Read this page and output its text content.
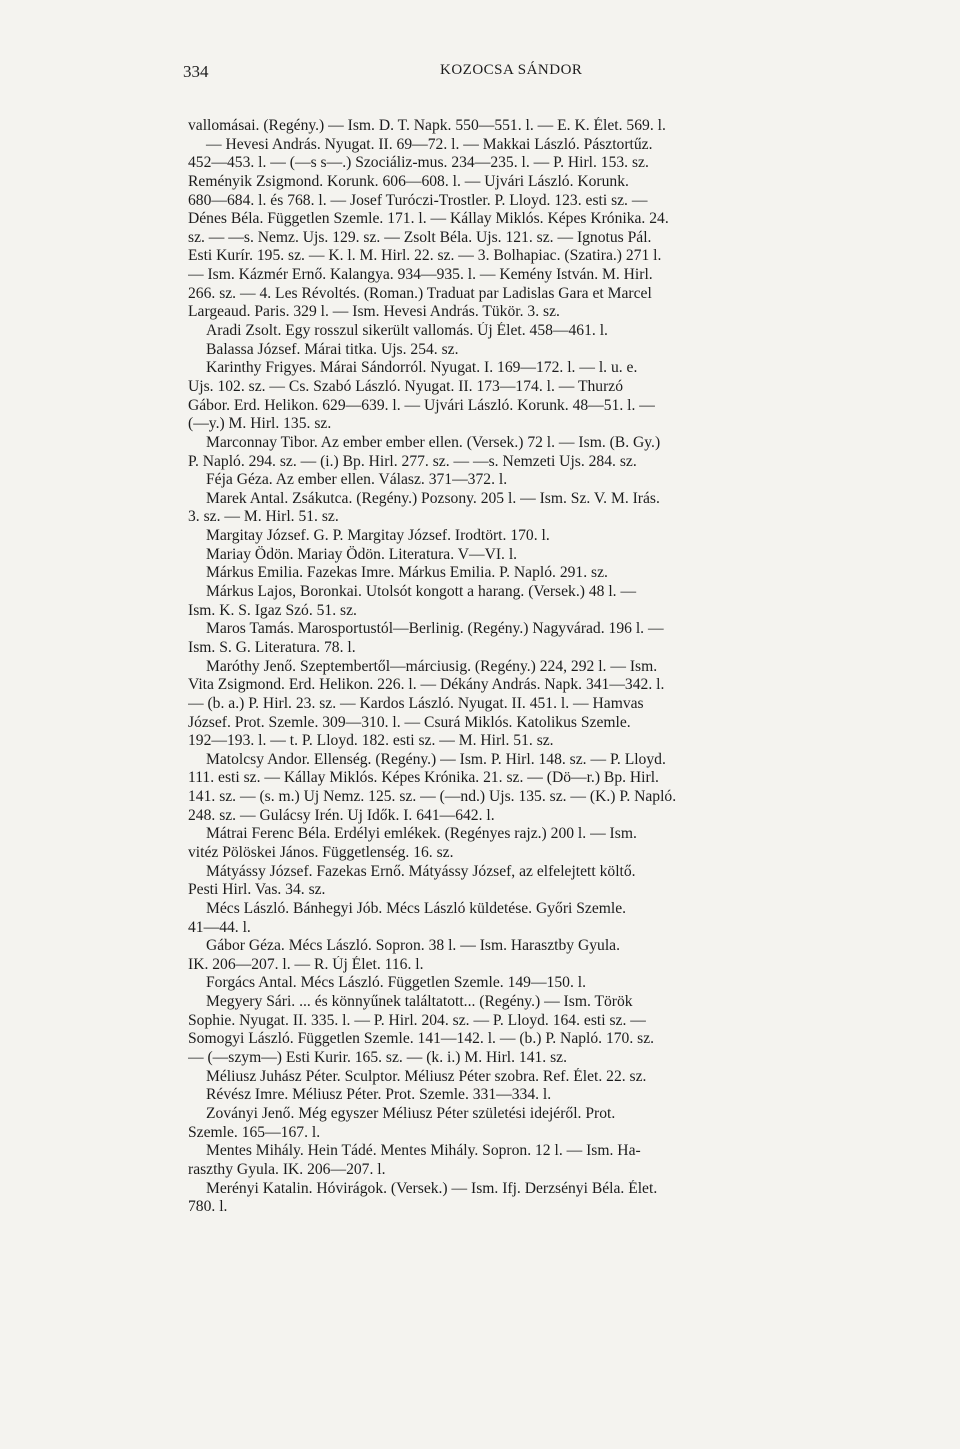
334	KOZOCSA SÁNDOR
vallomásai. (Regény.) — Ism. D. T. Napk. 550—551. l. — E. K. Élet. 569. l.
— Hevesi András. Nyugat. II. 69—72. l. — Makkai László. Pásztortűz.
452—453. l. — (—s s—.) Szociáliz-mus. 234—235. l. — P. Hirl. 153. sz.
Reményik Zsigmond. Korunk. 606—608. l. — Ujvári László. Korunk.
680—684. l. és 768. l. — Josef Turóczi-Trostler. P. Lloyd. 123. esti sz. —
Dénes Béla. Független Szemle. 171. l. — Kállay Miklós. Képes Krónika. 24.
sz. — —s. Nemz. Ujs. 129. sz. — Zsolt Béla. Ujs. 121. sz. — Ignotus Pál.
Esti Kurír. 195. sz. — K. l. M. Hirl. 22. sz. — 3. Bolhapiac. (Szatira.) 271 l.
— Ism. Kázmér Ernő. Kalangya. 934—935. l. — Kemény István. M. Hirl.
266. sz. — 4. Les Révoltés. (Roman.) Traduat par Ladislas Gara et Marcel
Largeaud. Paris. 329 l. — Ism. Hevesi András. Tükör. 3. sz.
Aradi Zsolt. Egy rosszul sikerült vallomás. Új Élet. 458—461. l.
Balassa József. Márai titka. Ujs. 254. sz.
Karinthy Frigyes. Márai Sándorról. Nyugat. I. 169—172. l. — l. u. e.
Ujs. 102. sz. — Cs. Szabó László. Nyugat. II. 173—174. l. — Thurzó
Gábor. Erd. Helikon. 629—639. l. — Ujvári László. Korunk. 48—51. l. —
(—y.) M. Hirl. 135. sz.
Marconnay Tibor. Az ember ember ellen. (Versek.) 72 l. — Ism. (B. Gy.)
P. Napló. 294. sz. — (i.) Bp. Hirl. 277. sz. — —s. Nemzeti Ujs. 284. sz.
Féja Géza. Az ember ellen. Válasz. 371—372. l.
Marek Antal. Zsákutca. (Regény.) Pozsony. 205 l. — Ism. Sz. V. M. Irás.
3. sz. — M. Hirl. 51. sz.
Margitay József. G. P. Margitay József. Irodtört. 170. l.
Mariay Ödön. Mariay Ödön. Literatura. V—VI. l.
Márkus Emilia. Fazekas Imre. Márkus Emilia. P. Napló. 291. sz.
Márkus Lajos, Boronkai. Utolsót kongott a harang. (Versek.) 48 l. —
Ism. K. S. Igaz Szó. 51. sz.
Maros Tamás. Marosportustól—Berlinig. (Regény.) Nagyvárad. 196 l. —
Ism. S. G. Literatura. 78. l.
Maróthy Jenő. Szeptembertől—márciusig. (Regény.) 224, 292 l. — Ism.
Vita Zsigmond. Erd. Helikon. 226. l. — Dékány András. Napk. 341—342. l.
— (b. a.) P. Hirl. 23. sz. — Kardos László. Nyugat. II. 451. l. — Hamvas
József. Prot. Szemle. 309—310. l. — Csurá Miklós. Katolikus Szemle.
192—193. l. — t. P. Lloyd. 182. esti sz. — M. Hirl. 51. sz.
Matolcsy Andor. Ellenség. (Regény.) — Ism. P. Hirl. 148. sz. — P. Lloyd.
111. esti sz. — Kállay Miklós. Képes Krónika. 21. sz. — (Dö—r.) Bp. Hirl.
141. sz. — (s. m.) Uj Nemz. 125. sz. — (—nd.) Ujs. 135. sz. — (K.) P. Napló.
248. sz. — Gulácsy Irén. Uj Idők. I. 641—642. l.
Mátrai Ferenc Béla. Erdélyi emlékek. (Regényes rajz.) 200 l. — Ism.
vitéz Pölöskei János. Függetlenség. 16. sz.
Mátyássy József. Fazekas Ernő. Mátyássy József, az elfelejtett költő.
Pesti Hirl. Vas. 34. sz.
Mécs László. Bánhegyi Jób. Mécs László küldetése. Győri Szemle.
41—44. l.
Gábor Géza. Mécs László. Sopron. 38 l. — Ism. Harasztby Gyula.
IK. 206—207. l. — R. Új Élet. 116. l.
Forgács Antal. Mécs László. Független Szemle. 149—150. l.
Megyery Sári. ... és könnyűnek találtatott... (Regény.) — Ism. Török
Sophie. Nyugat. II. 335. l. — P. Hirl. 204. sz. — P. Lloyd. 164. esti sz. —
Somogyi László. Független Szemle. 141—142. l. — (b.) P. Napló. 170. sz.
— (—szym—) Esti Kurir. 165. sz. — (k. i.) M. Hirl. 141. sz.
Méliusz Juhász Péter. Sculptor. Méliusz Péter szobra. Ref. Élet. 22. sz.
Révész Imre. Méliusz Péter. Prot. Szemle. 331—334. l.
Zoványi Jenő. Még egyszer Méliusz Péter születési idejéről. Prot.
Szemle. 165—167. l.
Mentes Mihály. Hein Tádé. Mentes Mihály. Sopron. 12 l. — Ism. Ha-
raszthy Gyula. IK. 206—207. l.
Merényi Katalin. Hóvirágok. (Versek.) — Ism. Ifj. Derzsényi Béla. Élet.
780. l.
